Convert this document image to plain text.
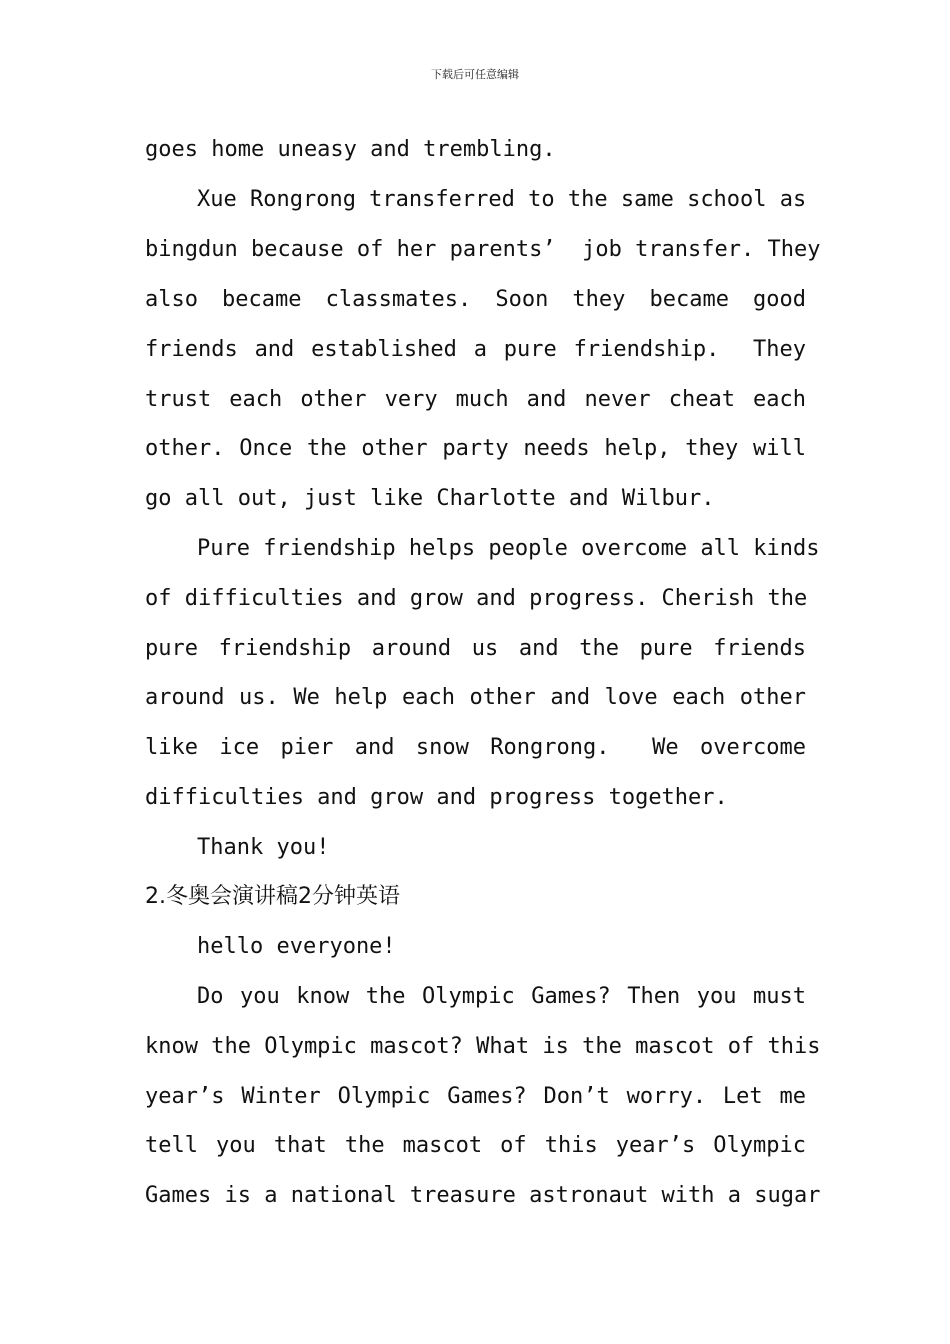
下载后可任意编辑
goes home uneasy and trembling.
Xue Rongrong transferred to the same school as
bingdun because of her parents’  job transfer. They
also became classmates. Soon they became good
friends and established a pure friendship.  They
trust each other very much and never cheat each
other. Once the other party needs help, they will
go all out, just like Charlotte and Wilbur.
Pure friendship helps people overcome all kinds
of difficulties and grow and progress. Cherish the
pure friendship around us and the pure friends
around us. We help each other and love each other
like ice pier and snow Rongrong.  We overcome
difficulties and grow and progress together.
Thank you!
2.冬奥会演讲稿2分钟英语
hello everyone!
Do you know the Olympic Games? Then you must
know the Olympic mascot? What is the mascot of this
year’s Winter Olympic Games? Don’t worry. Let me
tell you that the mascot of this year’s Olympic
Games is a national treasure astronaut with a sugar
